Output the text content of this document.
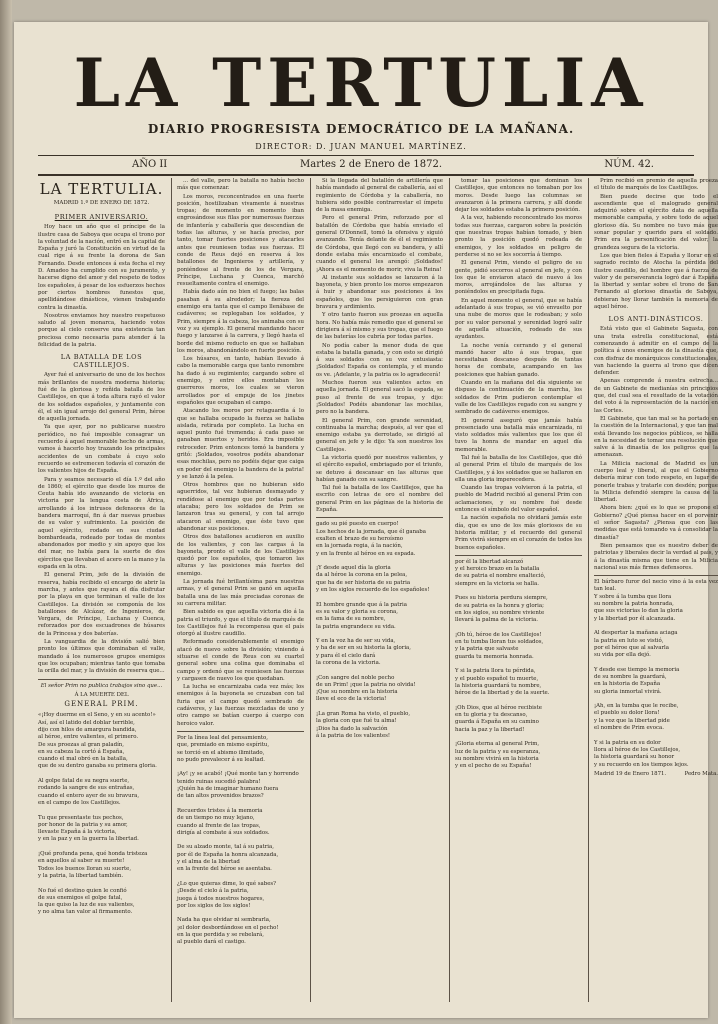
LA TERTULIA
DIARIO PROGRESISTA DEMOCRÁTICO DE LA MAÑANA.
DIRECTOR: D. JUAN MANUEL MARTÍNEZ.
AÑO II	Martes 2 de Enero de 1872.	NÚM. 42.
LA TERTULIA.
MADRID 1.º DE ENERO DE 1872.
PRIMER ANIVERSARIO.

Hoy hace un año que el príncipe de la ilustre casa de Saboya que ocupa el trono por la voluntad de la nación, entró en la capital de España y juró la Constitución en virtud de la cual rige á su frente la dorona de San Fernando. Desde entonces á esta fecha el rey D. Amadeo ha cumplido con su juramento, y hacerse digno del amor y del respeto de todos los españoles, á pesar de los esfuerzos hechos por ciertos hombres funestos que, apellidándose dinásticos, vienen trabajando contra la dinastía.

Nosotros enviamos hoy nuestro respetuoso saludo al joven monarca, haciendo votos porque al cielo conserve una existencia tan preciosa como necesaria para atender á la felicidad de la patria.

LA BATALLA DE LOS CASTILLEJOS.

Ayer fué el aniversario de uno de los hechos más brillantes de nuestra moderna historia; fué de la gloriosa y reñida batalla de los Castillejos, en que á toda altura rayó el valor de los soldados españoles, y juntamente con él, el sin igual arrojo del general Prim, héroe de aquella jornada.

Ya que ayer, por no publicarse nuestro periódico, no fué imposible consagrar un recuerdo á aquel memorable hecho de armas, vamos á hacerlo hoy trazando los principales accidentes de un combate á cuyo solo recuerdo se estremecen todavía el corazón de los valientes hijos de España.

Para y seamos necesario el día 1.º del año de 1860; el ejército que desde los muros de Ceuta había ido avanzando de victoria en victoria por la lengua costa de África, arrollando á los intrusos defensores de la bandera marroquí, fin á dar nuevas pruebas de su valor y sufrimiento. La posición de aquel ejército, rodado en sus ciudad bombardeada, rodeado por todas de montes abandonados por medio y sin apoyo que los del mar, no había para la suerte de dos ejércitos que llevaban el acero en la mano y la espada en la otra.

El general Prim, jefe de la división de reserva, había recibido el encargo de abrir la marcha, y antes que rayara el día disfrutar por la playa en que terminan el valle de los Castillejos. La división se componía de los batallones de Alcázar, de Ingenieros, de Vergara, de Príncipe, Luchana y Cuenca, reforzados por dos escuadrones de húsares de la Princesa y dos baterías.

La vanguardia de la división salió bien pronto los últimos que dominaban el valle, mandado á los numerosos grupos enemigos que los ocupaban; mientras tanto que tomaba la orilla del mar, y la división de reserva que...

El señor Prim no publica trabajos sino que...
Á LA MUERTE DEL
GENERAL PRIM.
«¡Hoy duerme en el Seno, y en su acento!»
Así, así el latido del doblar terrible,
dijo con hilos de amargura bandida,
al héroe, entre valientes, el primero.
De sus proezas al gran paladín,
en su cabeza la cortó á España,
cuando el mal obró en la batalla,
que de su dentro ganaba su primera gloria.

Al golpe fatal de su negra suerte,
rodando la sangre de sus entrañas,
cuando el entero ayer de su bravura,
en el campo de los Castillejos.

Tu que presentaste tus pechos,
por honor de la patria y su amor,
llevaste España á la victoria,
y en la paz y en la guerra la libertad.

¡Qué profunda pena, qué honda tristeza
en aquellos al saber su muerte!
Todos los buenos lloran su suerte,
y la patria, la libertad también.

No fué el destino quien le confió
de sus enemigos el golpe fatal,
la que quiso la luz de sus valientes,
y no alma tan valor al firmamento.

... del valle, pero la batalla no había hecho más que comenzar.

Los moros, reconcentrados en una fuerte posición, hostilizaban vivamente á nuestras tropas; de momento en momento iban engrosándose sus filas por numerosas fuerzas de infantería y caballería que descendían de todas las alturas, y se hacía preciso, por tanto, tomar fuertes posiciones y atacarles antes que reuniesen todas sus fuerzas. El conde de Reus dejó en reserva á los batallones de Ingenieros y artillería, y poniéndose al frente de los de Vergara, Príncipe, Luchana y Cuenca, marchó resueltamente contra el enemigo.

Había dado aún no bien el fuego; las balas pasaban á su alrededor; la fiereza del enemigo era tanta que el campo llenábase de cadáveres; se replegaban los soldados, y Prim, siempre á la cabeza, los animaba con su voz y su ejemplo. El general mandando hacer fuego y lanzarse á la carrera, y llegó hasta el borde del mismo reducto en que se hallaban los moros, abandonándolo en fuerte posición.

Los húsares, en tanto, habían llevado á cabo la memorable carga que tanto renombre ha dado á su regimiento; cargando sobre el enemigo, y entre ellos montaban los guerreros moros, los cuales se vieron arrollados por el empuje de los jinetes españoles que ocupaban el campo.

Atacando los moros por retaguardia á lo que se hallaba ocupado la fuerza se hallaba aislada, retirada por completo. La lucha en aquel punto fué tremenda; á cada paso se ganaban muertos y heridos. Era imposible retroceder. Prim entonces tomó la bandera y gritó: ¡Soldados, vosotros podéis abandonar esas mochilas, pero no podéis dejar que caiga en poder del enemigo la bandera de la patria! y se lanzó á la pelea.

Otros hombres que no hubieran sido aguerridos, tal vez hubieran desmayado y rendídose al enemigo que por todas partes atacaba; pero los soldados de Prim se lanzaron tras su general, y con tal arrojo atacaron al enemigo, que éste tuvo que abandonar sus posiciones.

Otros dos batallones acudieron en auxilio de los valientes, y con las cargas á la bayoneta, pronto el valle de los Castillejos quedó por los españoles, que tomaron las alturas y las posiciones más fuertes del enemigo.

La jornada fué brillantísima para nuestras armas, y el general Prim se ganó en aquella batalla una de las más preciadas coronas de su carrera militar.

Bien sabido es que aquella victoria dio á la patria el triunfo, y que el título de marqués de los Castillejos fué la recompensa que el país otorgó al ilustre caudillo.

Reformado considerablemente el enemigo atacó de nuevo sobre la división; viniendo á situarse el conde de Reus con su cuartel general sobre una colina que dominaba el campo y ordenó que se reuniesen las fuerzas y cargasen de nuevo los que quedaban.

La lucha se encarnizaba cada vez más; los enemigos á la bayoneta se cruzaban con tal furia que el campo quedó sembrado de cadáveres, y las fuerzas mezcladas de uno y otro campo se batían cuerpo á cuerpo con heroico valor.

Por la línea leal del pensamiento,
que, premiado en mismo espíritu,
se torció en el abismo ilimitado,
no pudo prevalecer á su lealtad.

¡Ay! ¡y se acabó! ¡Qué monte tan y horrendo
tenido ruinas sucedió palabra!
¡Quién ha de imaginar humano fuera
de tan altos provenidos brazos?

Recuerdos tristes á la memoria
de un tiempo no muy lejano,
cuando al frente de las tropas,
dirigía al combate á sus soldados.

De su alzado monte, tal á su patria,
por él de España la honra alcanzada,
y el alma de la libertad
en la frente del héroe se asentaba.

¿Lo que quieras dime, lo qué sabes?
¡Desde el cielo á la patria,
juega á todos nuestros hogares,
por los siglos de los siglos!

Nada ha que olvidar ni sembrarla,
¡el dolor desbordándose en el pecho!
en la que perdida y se rebelará,
al pueblo dará el castigo.

Si la llegada del batallón de artillería que había mandado al general de caballería, así el regimiento de Córdoba y la caballería, no hubiera sido posible contrarrestar el ímpetu de la masa enemiga.

Pero el general Prim, reforzado por el batallón de Córdoba que había enviado el general O'Donnell, tomó la ofensiva y siguió avanzando. Tenía delante de él el regimiento de Córdoba, que llegó con su bandera, y allí donde estaba más encarnizado el combate, cuando el general les arengó: ¡Soldados! ¡Ahora es el momento de morir, viva la Reina!

Al instante sus soldados se lanzaron á la bayoneta, y bien pronto los moros empezaron á huir y abandonar sus posiciones á los españoles, que los persiguieron con gran bravura y ardimiento.

Y otro tanto fueron sus proezas en aquella hora. No había más remedio que el general se dirigiera á sí mismo y sus tropas, que el fuego de las baterías los cubría por todas partes.

No podía caber la menor duda de que estaba la batalla ganada, y con esto se dirigió á sus soldados con su voz entusiasta: ¡Soldados! España os contempla, y el mundo os ve. ¡Adelante, y la patria os lo agradecerá!

Muchos fueron sus valientes actos en aquella jornada. El general sacó la espada, se puso al frente de sus tropas, y dijo: ¡Soldados! Podéis abandonar las mochilas, pero no la bandera.

El general Prim, con grande serenidad, continuaba la marcha; después, al ver que el enemigo estaba ya derrotado, se dirigió al general en jefe y le dijo: Ya son nuestros los Castillejos.

La victoria quedó por nuestros valientes, y el ejército español, embriagado por el triunfo, se detuvo á descansar en las alturas que habían ganado con su sangre.

Tal fué la batalla de los Castillejos, que ha escrito con letras de oro el nombre del general Prim en las páginas de la historia de España.

gado su pié puesto en cuerpo!
Los hechos de la jornada, que él ganaba
exalten el brazo de su heroísmo
en la jornada regia, á la nación,
y en la frente al héroe en su espada.

¡Y desde aquel día la gloria
da al héroe la corona en la pelea,
que ha de ser historia de su patria
y en los siglos recuerdo de los españoles!

El hombre grande que á la patria
es su valor y gloria su corona,
en la fama de su nombre,
la patria engrandece su vida.

Y en la voz ha de ser su vida,
y ha de ser en su historia la gloria,
y para él el cielo dará
la corona de la victoria.

¡Con sangre del noble pecho
de un Prim! ¡que la patria no olvida!
¡Que su nombre en la historia
lleve el eco de la victoria!

¡La gran Roma ha visto, el pueblo,
la gloria con que fué tu alma!
¡Dios ha dado la salvación
á la patria de los valientes!

tomar las posiciones que dominan los Castillejos, que entonces no tomaban por los moros. Desde luego las columnas se avanzaron á la primera carrera, y allí donde dejar los soldados estaba la primera posición.

A la vez, habiendo reconcentrado los moros todas sus fuerzas, cargaron sobre la posición que nuestras tropas habían tomado, y bien pronto la posición quedó rodeada de enemigos, y los soldados en peligro de perderse si no se les socorría á tiempo.

El general Prim, viendo el peligro de su gente, pidió socorros al general en jefe, y con los que le enviaron atacó de nuevo á los moros, arrojándolos de las alturas y poniéndolos en precipitada fuga.

En aquel momento el general, que se había adelantado á sus tropas, se vió envuelto por una nube de moros que le rodeaban; y solo por su valor personal y serenidad logró salir de aquella situación, rodeado de sus ayudantes.

La noche venía cerrando y el general mandó hacer alto á sus tropas, que necesitaban descanso después de tantas horas de combate, acampando en las posiciones que habían ganado.

Cuando en la mañana del día siguiente se dispuso la continuación de la marcha, los soldados de Prim pudieron contemplar el valle de los Castillejos regado con su sangre y sembrado de cadáveres enemigos.

El general aseguró que jamás había presenciado una batalla más encarnizada, ni visto soldados más valientes que los que él tuvo la honra de mandar en aquel día memorable.

Tal fué la batalla de los Castillejos, que dió al general Prim el título de marqués de los Castillejos, y á los soldados que se hallaron en ella una gloria imperecedera.

Cuando las tropas volvieron á la patria, el pueblo de Madrid recibió al general Prim con aclamaciones, y su nombre fué desde entonces el símbolo del valor español.

La nación española no olvidará jamás este día, que es uno de los más gloriosos de su historia militar, y el recuerdo del general Prim vivirá siempre en el corazón de todos los buenos españoles.

por él la libertad alcanzó
y el heroico brazo en la batalla
de su patria el nombre enalteció,
siempre en la victoria se halla.

Pues su historia perdura siempre,
de su patria es la honra y gloria;
en los siglos, su nombre viviente
llevará la palma de la victoria.

¡Oh tú, héroe de los Castillejos!
en tu tumba lloran tus soldados,
y la patria que salvaste
guarda tu memoria honrada.

Y si la patria llora tu pérdida,
y el pueblo español tu muerte,
la historia guardará tu nombre,
héroe de la libertad y de la suerte.

¡Oh Dios, que al héroe recibiste
en tu gloria y tu descanso,
guarda á España en su camino
hacia la paz y la libertad!

¡Gloria eterna al general Prim,
luz de la patria y su esperanza,
su nombre vivirá en la historia
y en el pecho de su España!

Prim recibió en premio de aquella proeza el título de marqués de los Castillejos.

Bien puede decirse que todo el ascendiente que el malogrado general adquirió sobre el ejército data de aquella memorable campaña, y sobre todo de aquel glorioso día. Su nombre no tuvo más que sonar popular y querido para el soldado. Prim era la personificación del valor; la grandeza segura de la victoria.

Los que bien fieles á España y llorar en el sagrado recinto de Atocha la pérdida del ilustre caudillo, del hombre que á fuerza de valor y de perseverancia logró dar á España la libertad y sentar sobre el trono de San Fernando al glorioso dinastía de Saboya, debieran hoy llorar también la memoria de aquel héroe.

LOS ANTI-DINÁSTICOS.

Está visto que el Gabinete Sagasta, con una trata estrella constitucional, está comenzando á admitir en el campo de la política á unos enemigos de la dinastía que, con disfraz de monárquicos constitucionales, van haciendo la guerra al trono que dicen defender.

Apenas comprende á nuestra estrecha... de un Gabinete de medianías sin principios que, del cual sea el resultado de la votación del voto á la representación de la nación en las Cortes.

El Gabinete, que tan mal se ha portado en la cuestión de la Internacional, y que tan mal está llevando los negocios públicos, se halla en la necesidad de tomar una resolución que salve á la dinastía de los peligros que la amenazan.

La Milicia nacional de Madrid es un cuerpo leal y liberal, al que el Gobierno debería mirar con todo respeto, en lugar de ponerle trabas y tratarle con desdén; porque la Milicia defendió siempre la causa de la libertad.

Ahora bien: ¿qué es lo que se propone el Gobierno? ¿Qué piensa hacer en el porvenir el señor Sagasta? ¿Piensa que con las medidas que está tomando va á consolidar la dinastía?

Bien pensamos que es nuestro deber de patriotas y liberales decir la verdad al país, y á la dinastía misma que tiene en la Milicia nacional sus más firmes defensores.

El bárbaro furor del necio vino á la esta vez tan leal.
Y sobre á la tumba que llora
su nombre la patria honrada,
que sus victorias lo dan la gloria
y la libertad por él alcanzada.

Al despertar la mañana aciaga
la patria en luto se vistió,
por el héroe que al salvarla
su vida por ella dejó.

Y desde ese tiempo la memoria
de su nombre la guardará,
en la historia de España
su gloria inmortal vivirá.

¡Ah, en la tumba que le recibe,
el pueblo su dolor llora!
y la voz que la libertad pide
el nombre de Prim evoca.

Y si la patria en su dolor
llora al héroe de los Castillejos,
la historia guardará su honor
y su recuerdo en los tiempos lejos.
Madrid 19 de Enero 1871.	Pedro Mata.
